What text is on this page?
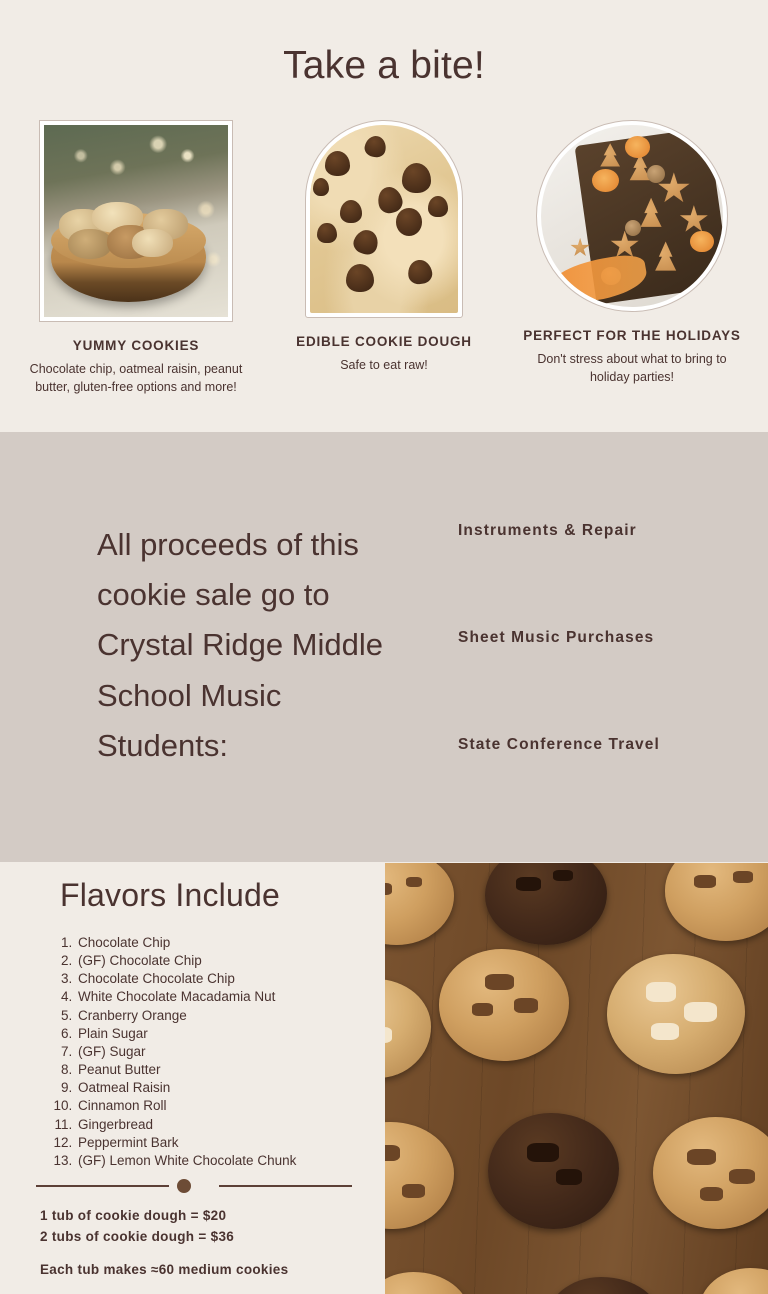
Take a bite!
YUMMY COOKIES
Chocolate chip, oatmeal raisin, peanut butter, gluten-free options and more!
EDIBLE COOKIE DOUGH
Safe to eat raw!
PERFECT FOR THE HOLIDAYS
Don't stress about what to bring to holiday parties!
All proceeds of this cookie sale go to Crystal Ridge Middle School Music Students:
Instruments & Repair
Sheet Music Purchases
State Conference Travel
Flavors Include
1. Chocolate Chip
2. (GF) Chocolate Chip
3. Chocolate Chocolate Chip
4. White Chocolate Macadamia Nut
5. Cranberry Orange
6. Plain Sugar
7. (GF) Sugar
8. Peanut Butter
9. Oatmeal Raisin
10. Cinnamon Roll
11. Gingerbread
12. Peppermint Bark
13. (GF) Lemon White Chocolate Chunk
1 tub of cookie dough = $20
2 tubs of cookie dough = $36
Each tub makes ≈60 medium cookies
